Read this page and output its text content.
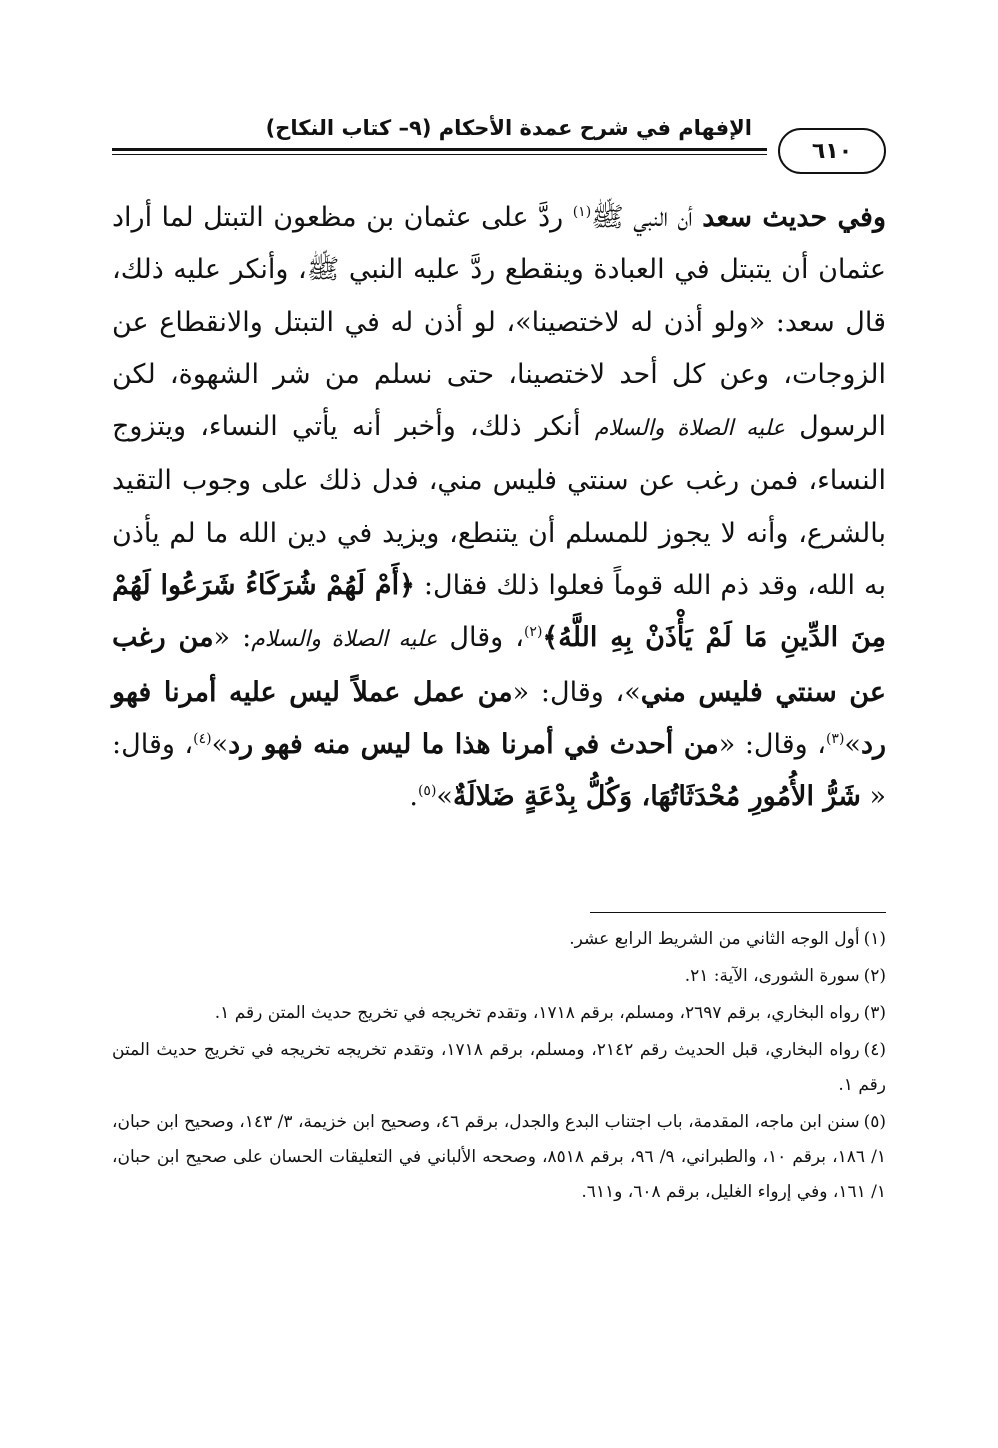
الإفهام في شرح عمدة الأحكام (٩– كتاب النكاح)
٦١٠
وفي حديث سعد أن النبي ﷺ$^{(١)}$ ردَّ على عثمان بن مظعون التبتل لما أراد عثمان أن يتبتل في العبادة وينقطع ردَّ عليه النبي ﷺ، وأنكر عليه ذلك، قال سعد: «ولو أذن له لاختصينا»، لو أذن له في التبتل والانقطاع عن الزوجات، وعن كل أحد لاختصينا، حتى نسلم من شر الشهوة، لكن الرسول عليه الصلاة والسلام أنكر ذلك، وأخبر أنه يأتي النساء، ويتزوج النساء، فمن رغب عن سنتي فليس مني، فدل ذلك على وجوب التقيد بالشرع، وأنه لا يجوز للمسلم أن يتنطع، ويزيد في دين الله ما لم يأذن به الله، وقد ذم الله قوماً فعلوا ذلك فقال: ﴿أَمْ لَهُمْ شُرَكَاءُ شَرَعُوا لَهُمْ مِنَ الدِّينِ مَا لَمْ يَأْذَنْ بِهِ اللَّهُ﴾$^{(٢)}$، وقال عليه الصلاة والسلام: «من رغب عن سنتي فليس مني»، وقال: «من عمل عملاً ليس عليه أمرنا فهو رد»$^{(٣)}$، وقال: «من أحدث في أمرنا هذا ما ليس منه فهو رد»$^{(٤)}$، وقال: « شَرُّ الأُمُورِ مُحْدَثَاتُهَا، وَكُلُّ بِدْعَةٍ ضَلالَةٌ»$^{(٥)}$.
(١)أول الوجه الثاني من الشريط الرابع عشر.
(٢)سورة الشورى، الآية: ٢١.
(٣)رواه البخاري، برقم ٢٦٩٧، ومسلم، برقم ١٧١٨، وتقدم تخريجه في تخريج حديث المتن رقم ١.
(٤)رواه البخاري، قبل الحديث رقم ٢١٤٢، ومسلم، برقم ١٧١٨، وتقدم تخريجه تخريجه في تخريج حديث المتن رقم ١.
(٥)سنن ابن ماجه، المقدمة، باب اجتناب البدع والجدل، برقم ٤٦، وصحيح ابن خزيمة، ٣/ ١٤٣، وصحيح ابن حبان، ١/ ١٨٦، برقم ١٠، والطبراني، ٩/ ٩٦، برقم ٨٥١٨، وصححه الألباني في التعليقات الحسان على صحيح ابن حبان، ١/ ١٦١، وفي إرواء الغليل، برقم ٦٠٨، و٦١١.
